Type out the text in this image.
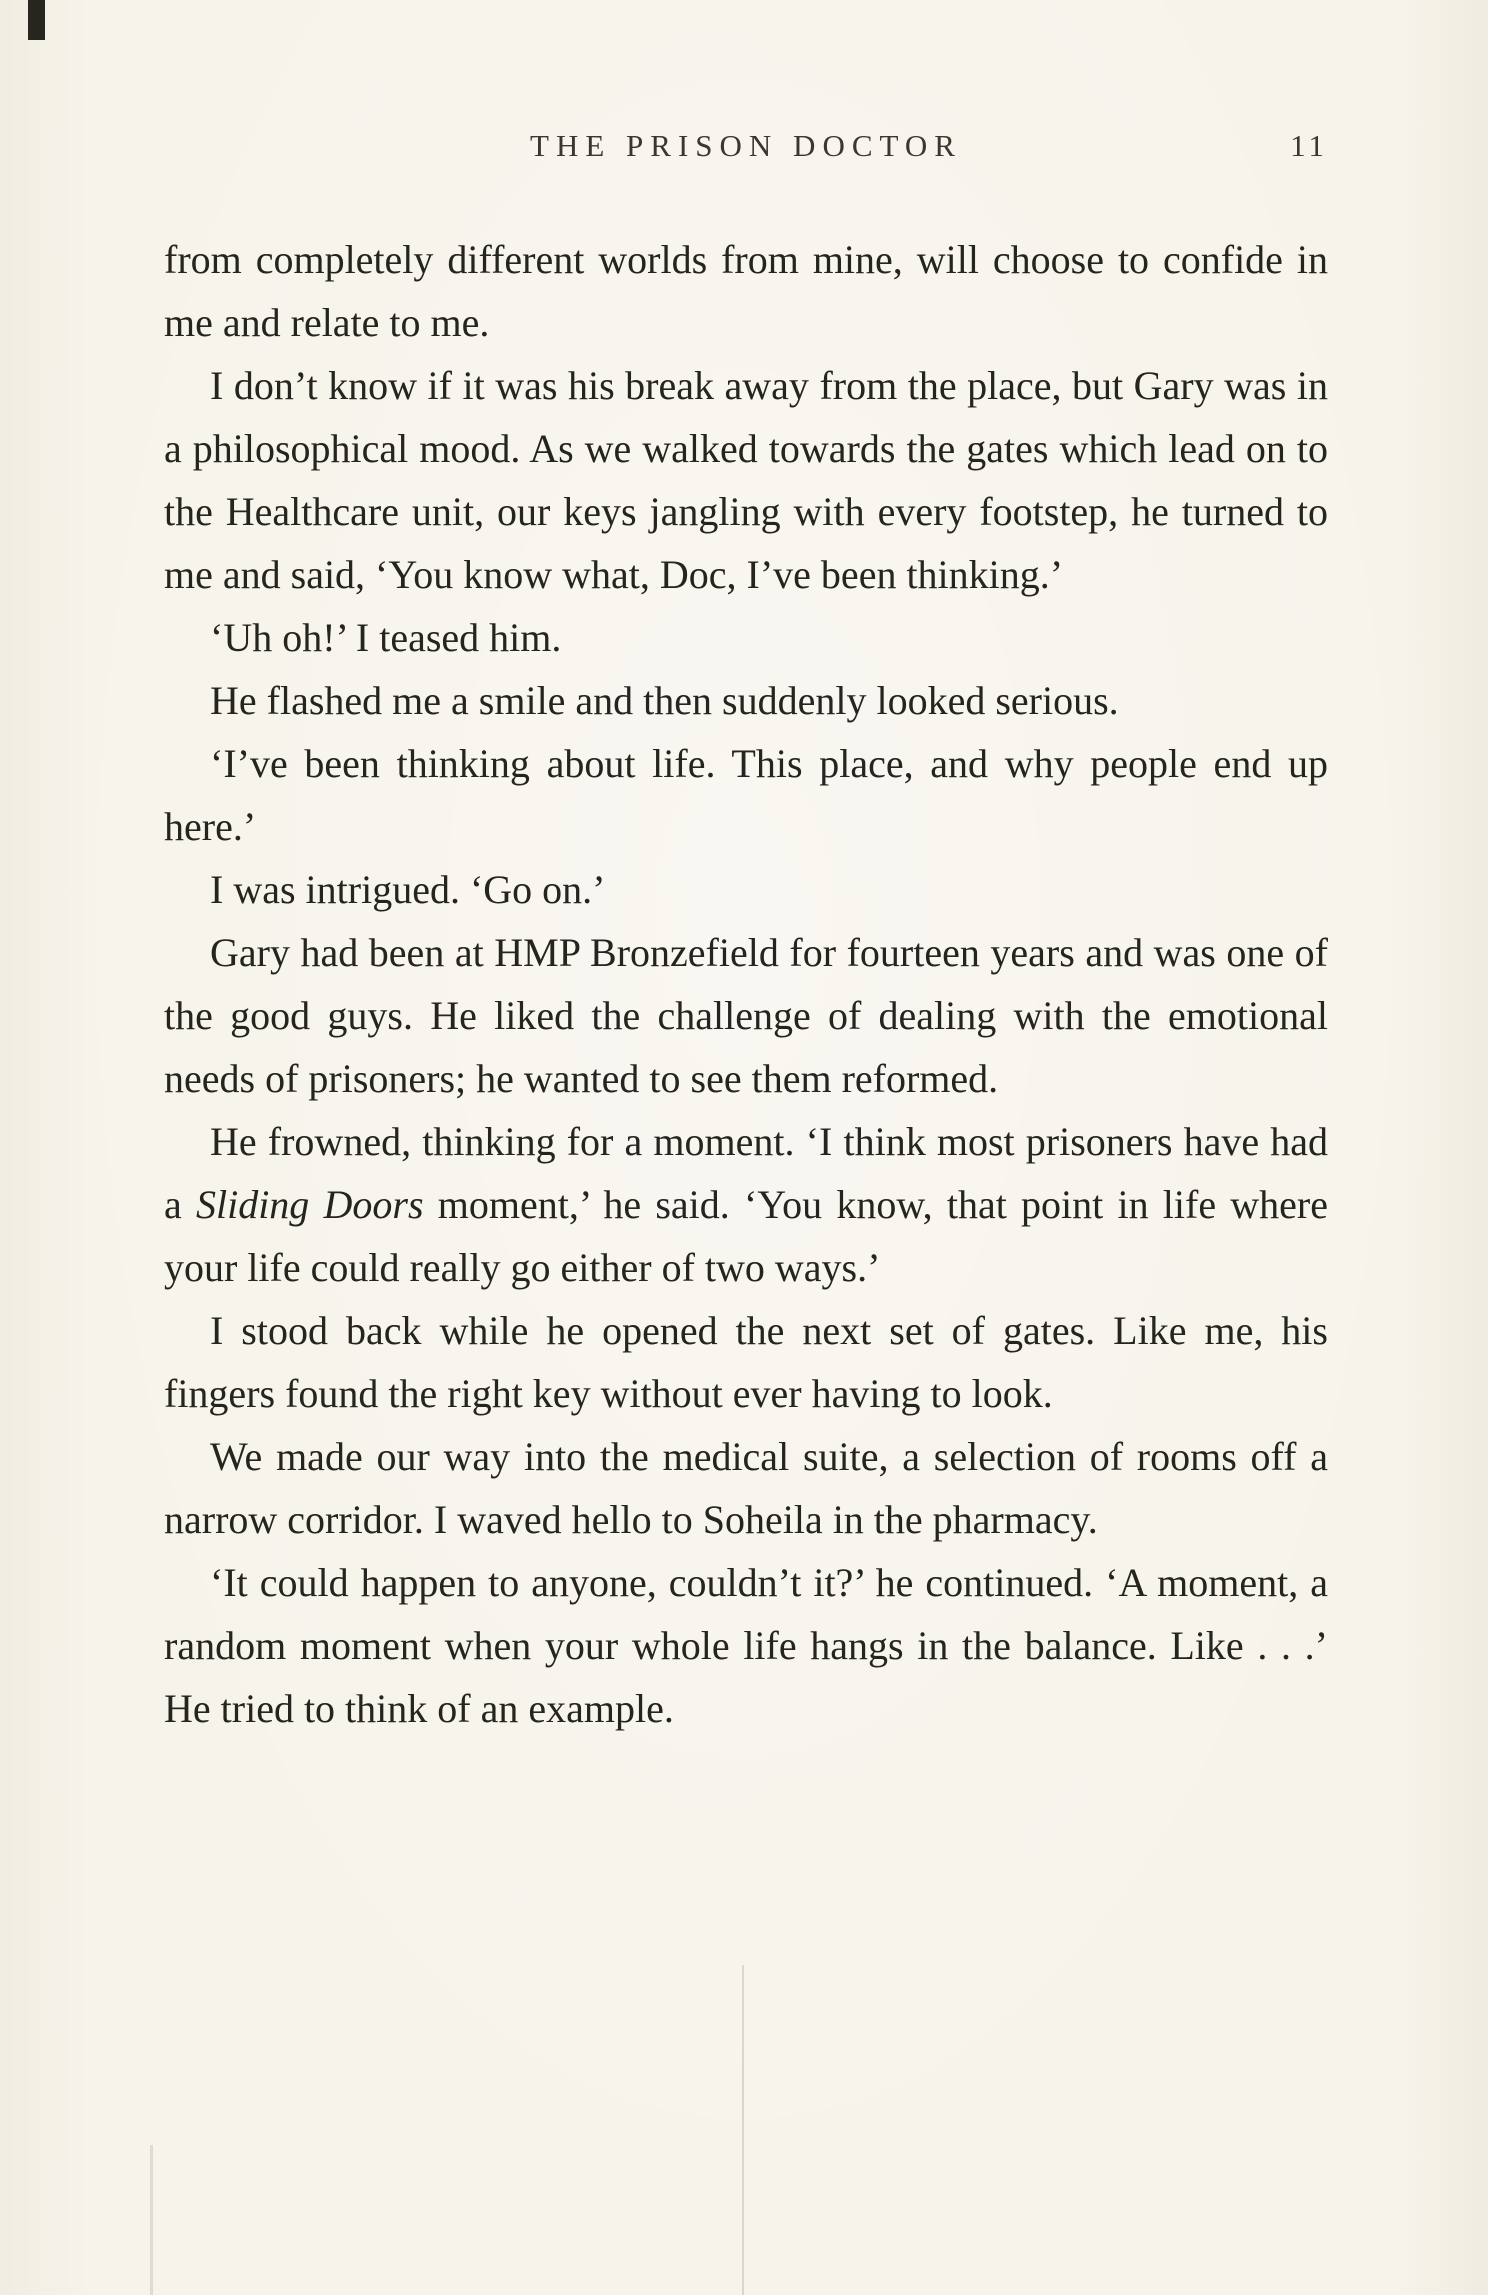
THE PRISON DOCTOR	11

from completely different worlds from mine, will choose to confide in me and relate to me.

I don’t know if it was his break away from the place, but Gary was in a philosophical mood. As we walked towards the gates which lead on to the Healthcare unit, our keys jangling with every footstep, he turned to me and said, ‘You know what, Doc, I’ve been thinking.’

‘Uh oh!’ I teased him.

He flashed me a smile and then suddenly looked serious.

‘I’ve been thinking about life. This place, and why people end up here.’

I was intrigued. ‘Go on.’

Gary had been at HMP Bronzefield for fourteen years and was one of the good guys. He liked the challenge of dealing with the emotional needs of prisoners; he wanted to see them reformed.

He frowned, thinking for a moment. ‘I think most prisoners have had a Sliding Doors moment,’ he said. ‘You know, that point in life where your life could really go either of two ways.’

I stood back while he opened the next set of gates. Like me, his fingers found the right key without ever having to look.

We made our way into the medical suite, a selection of rooms off a narrow corridor. I waved hello to Soheila in the pharmacy.

‘It could happen to anyone, couldn’t it?’ he continued. ‘A moment, a random moment when your whole life hangs in the balance. Like . . .’ He tried to think of an example.
